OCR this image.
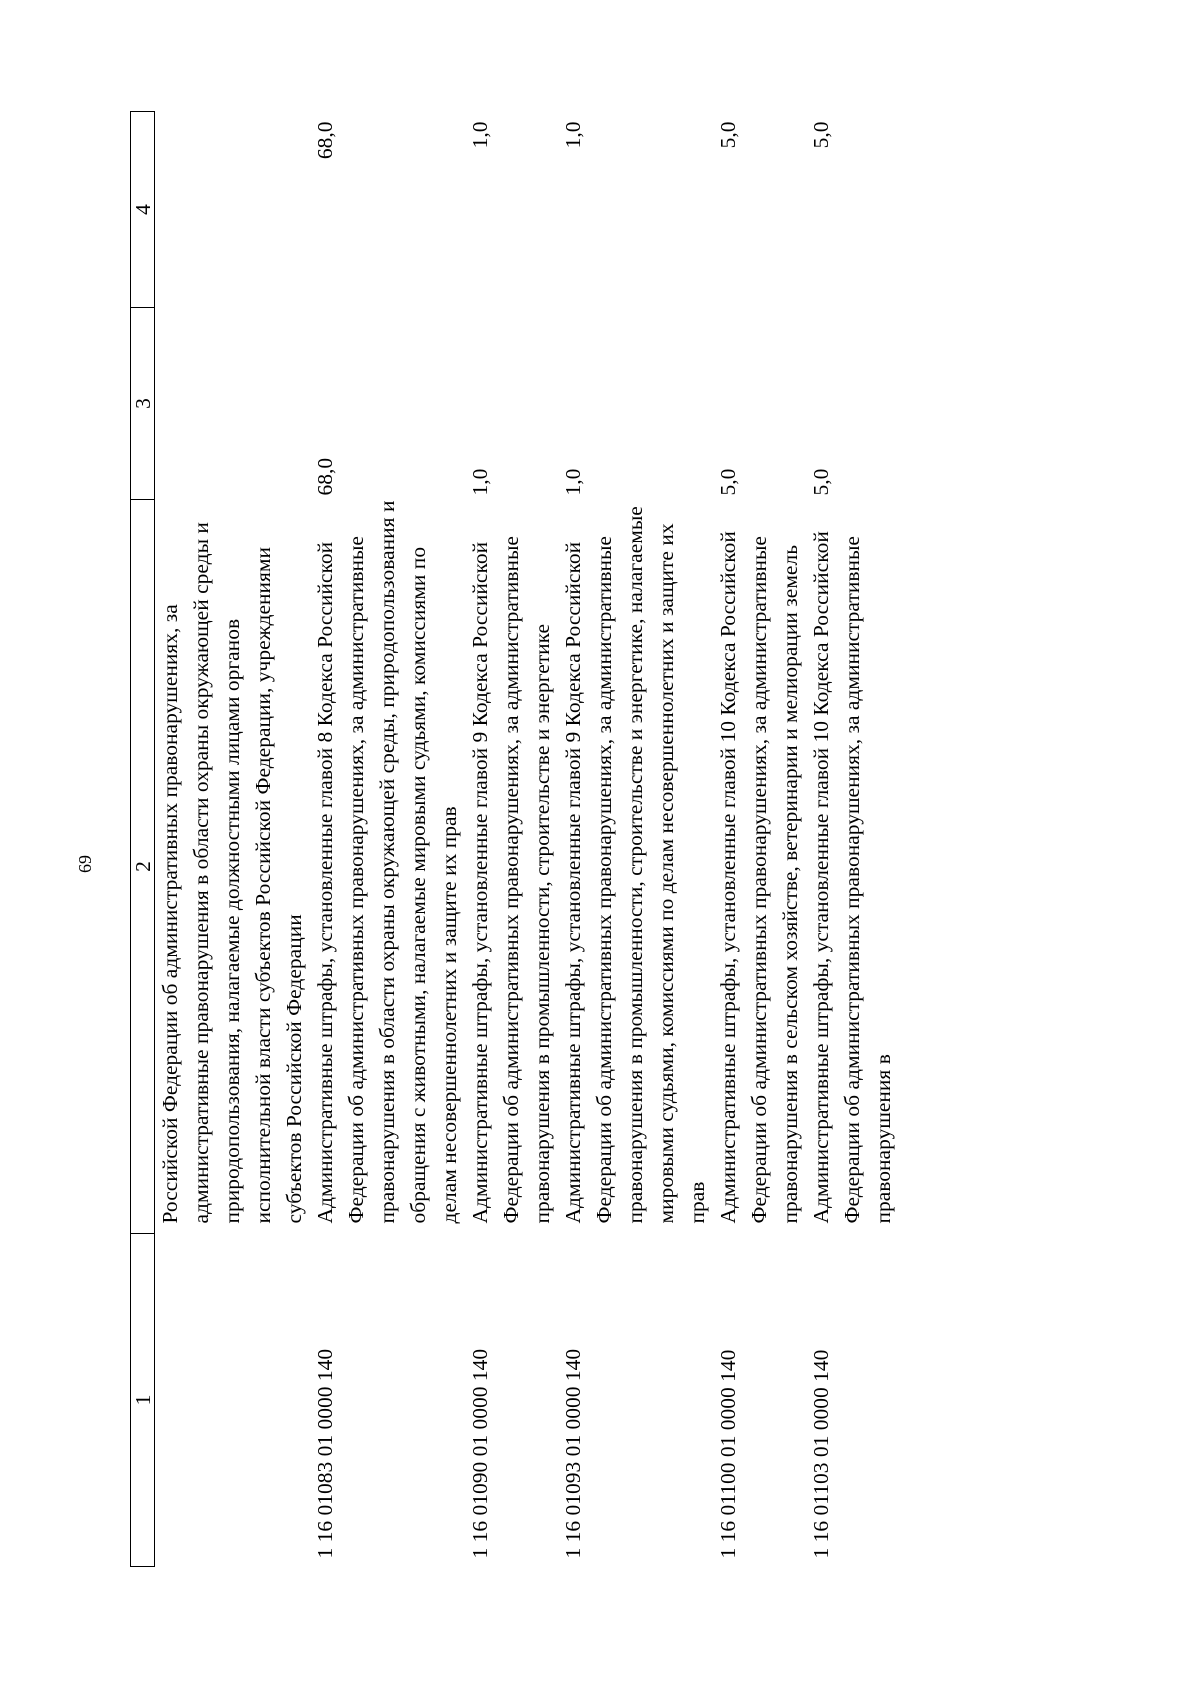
69
1	2	3	4
	Российской Федерации об административных правонарушениях, за административные правонарушения в области охраны окружающей среды и природопользования, налагаемые должностными лицами органов исполнительной власти субъектов Российской Федерации, учреждениями субъектов Российской Федерации		
1 16 01083 01 0000 140	Административные штрафы, установленные главой 8 Кодекса Российской Федерации об административных правонарушениях, за административные правонарушения в области охраны окружающей среды, природопользования и обращения с животными, налагаемые мировыми судьями, комиссиями по делам несовершеннолетних и защите их прав	68,0	68,0
1 16 01090 01 0000 140	Административные штрафы, установленные главой 9 Кодекса Российской Федерации об административных правонарушениях, за административные правонарушения в промышленности, строительстве и энергетике	1,0	1,0
1 16 01093 01 0000 140	Административные штрафы, установленные главой 9 Кодекса Российской Федерации об административных правонарушениях, за административные правонарушения в промышленности, строительстве и энергетике, налагаемые мировыми судьями, комиссиями по делам несовершеннолетних и защите их прав	1,0	1,0
1 16 01100 01 0000 140	Административные штрафы, установленные главой 10 Кодекса Российской Федерации об административных правонарушениях, за административные правонарушения в сельском хозяйстве, ветеринарии и мелиорации земель	5,0	5,0
1 16 01103 01 0000 140	Административные штрафы, установленные главой 10 Кодекса Российской Федерации об административных правонарушениях, за административные правонарушения в	5,0	5,0
